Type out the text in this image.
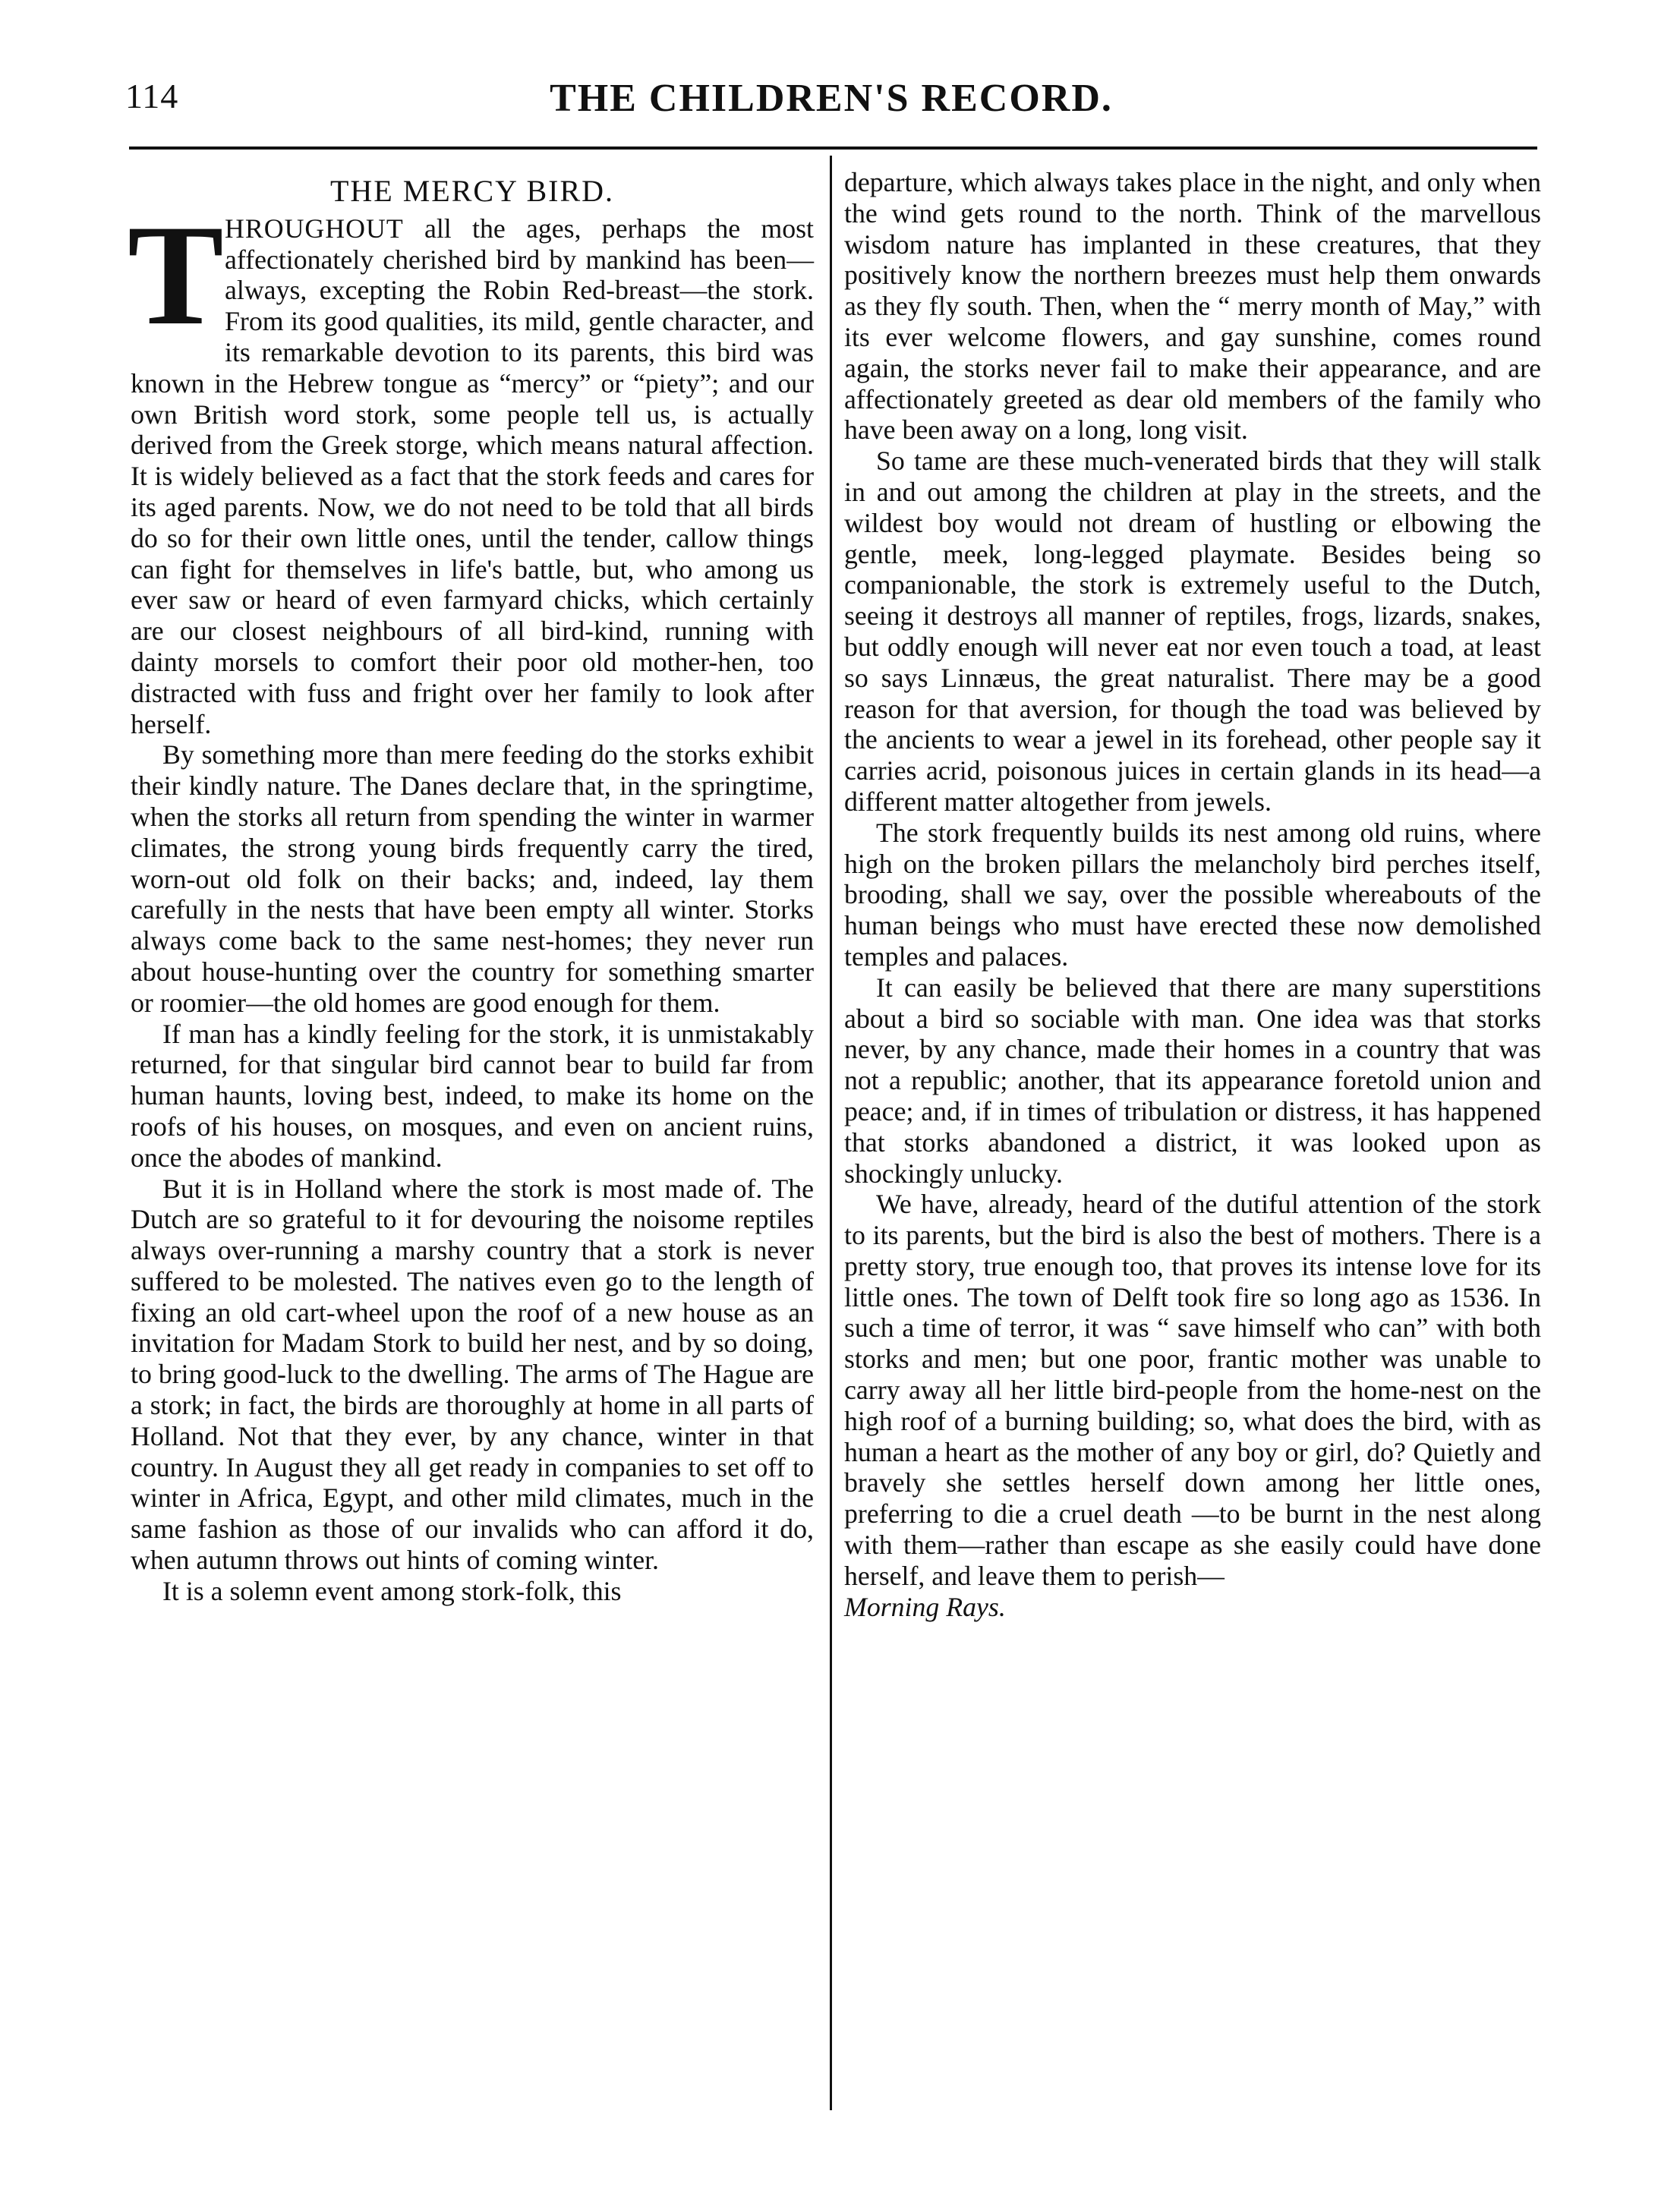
114	THE CHILDREN'S RECORD.
THE MERCY BIRD.

THROUGHOUT all the ages, perhaps the most affectionately cherished bird by mankind has been—always, excepting the Robin Red-breast—the stork. From its good qualities, its mild, gentle character, and its remarkable devotion to its parents, this bird was known in the Hebrew tongue as “mercy” or “piety”; and our own British word stork, some people tell us, is actually derived from the Greek storge, which means natural affection. It is widely believed as a fact that the stork feeds and cares for its aged parents. Now, we do not need to be told that all birds do so for their own little ones, until the tender, callow things can fight for themselves in life's battle, but, who among us ever saw or heard of even farmyard chicks, which certainly are our closest neighbours of all bird-kind, running with dainty morsels to comfort their poor old mother-hen, too distracted with fuss and fright over her family to look after herself.

By something more than mere feeding do the storks exhibit their kindly nature. The Danes declare that, in the springtime, when the storks all return from spending the winter in warmer climates, the strong young birds frequently carry the tired, worn-out old folk on their backs; and, indeed, lay them carefully in the nests that have been empty all winter. Storks always come back to the same nest-homes; they never run about house-hunting over the country for something smarter or roomier—the old homes are good enough for them.

If man has a kindly feeling for the stork, it is unmistakably returned, for that singular bird cannot bear to build far from human haunts, loving best, indeed, to make its home on the roofs of his houses, on mosques, and even on ancient ruins, once the abodes of mankind.

But it is in Holland where the stork is most made of. The Dutch are so grateful to it for devouring the noisome reptiles always over-running a marshy country that a stork is never suffered to be molested. The natives even go to the length of fixing an old cart-wheel upon the roof of a new house as an invitation for Madam Stork to build her nest, and by so doing, to bring good-luck to the dwelling. The arms of The Hague are a stork; in fact, the birds are thoroughly at home in all parts of Holland. Not that they ever, by any chance, winter in that country. In August they all get ready in companies to set off to winter in Africa, Egypt, and other mild climates, much in the same fashion as those of our invalids who can afford it do, when autumn throws out hints of coming winter.

It is a solemn event among stork-folk, this

departure, which always takes place in the night, and only when the wind gets round to the north. Think of the marvellous wisdom nature has implanted in these creatures, that they positively know the northern breezes must help them onwards as they fly south. Then, when the “ merry month of May,” with its ever welcome flowers, and gay sunshine, comes round again, the storks never fail to make their appearance, and are affectionately greeted as dear old members of the family who have been away on a long, long visit.

So tame are these much-venerated birds that they will stalk in and out among the children at play in the streets, and the wildest boy would not dream of hustling or elbowing the gentle, meek, long-legged playmate. Besides being so companionable, the stork is extremely useful to the Dutch, seeing it destroys all manner of reptiles, frogs, lizards, snakes, but oddly enough will never eat nor even touch a toad, at least so says Linnæus, the great naturalist. There may be a good reason for that aversion, for though the toad was believed by the ancients to wear a jewel in its forehead, other people say it carries acrid, poisonous juices in certain glands in its head—a different matter altogether from jewels.

The stork frequently builds its nest among old ruins, where high on the broken pillars the melancholy bird perches itself, brooding, shall we say, over the possible whereabouts of the human beings who must have erected these now demolished temples and palaces.

It can easily be believed that there are many superstitions about a bird so sociable with man. One idea was that storks never, by any chance, made their homes in a country that was not a republic; another, that its appearance foretold union and peace; and, if in times of tribulation or distress, it has happened that storks abandoned a district, it was looked upon as shockingly unlucky.

We have, already, heard of the dutiful attention of the stork to its parents, but the bird is also the best of mothers. There is a pretty story, true enough too, that proves its intense love for its little ones. The town of Delft took fire so long ago as 1536. In such a time of terror, it was “ save himself who can” with both storks and men; but one poor, frantic mother was unable to carry away all her little bird-people from the home-nest on the high roof of a burning building; so, what does the bird, with as human a heart as the mother of any boy or girl, do? Quietly and bravely she settles herself down among her little ones, preferring to die a cruel death —to be burnt in the nest along with them—rather than escape as she easily could have done herself, and leave them to perish—

Morning Rays.
